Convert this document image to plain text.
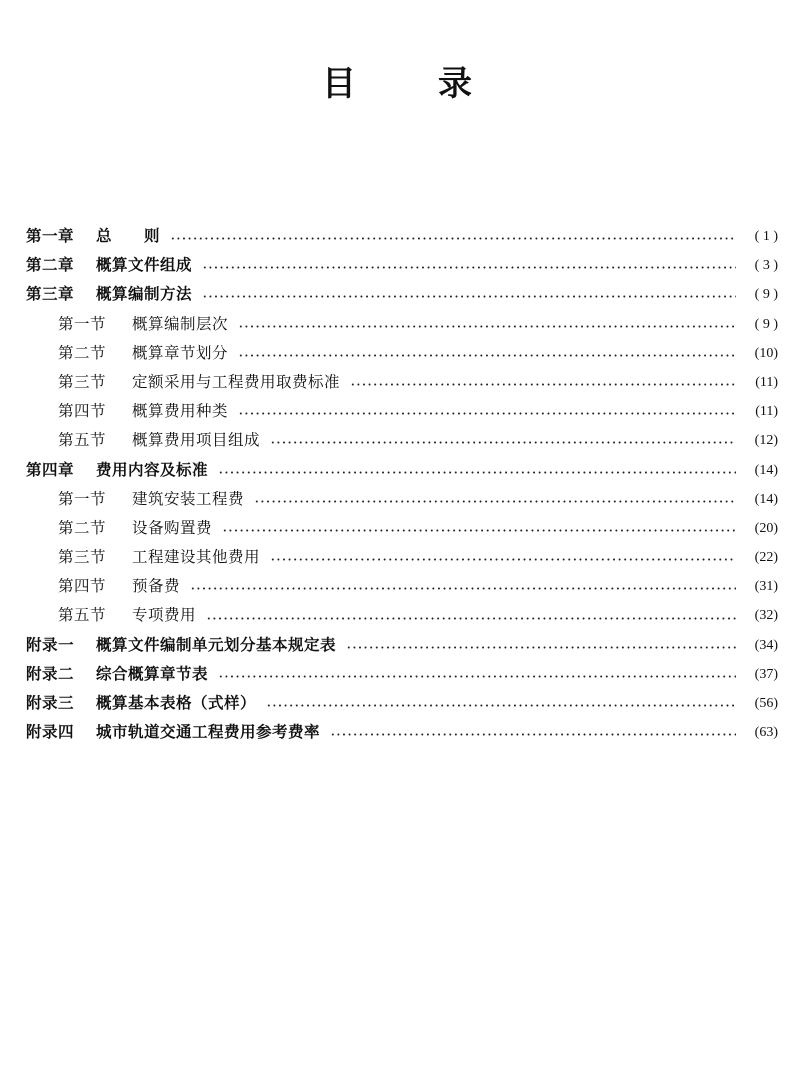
目 录
第一章	总　　则	( 1 )
第二章	概算文件组成	( 3 )
第三章	概算编制方法	( 9 )
第一节	概算编制层次	( 9 )
第二节	概算章节划分	(10)
第三节	定额采用与工程费用取费标准	(11)
第四节	概算费用种类	(11)
第五节	概算费用项目组成	(12)
第四章	费用内容及标准	(14)
第一节	建筑安装工程费	(14)
第二节	设备购置费	(20)
第三节	工程建设其他费用	(22)
第四节	预备费	(31)
第五节	专项费用	(32)
附录一	概算文件编制单元划分基本规定表	(34)
附录二	综合概算章节表	(37)
附录三	概算基本表格（式样）	(56)
附录四	城市轨道交通工程费用参考费率	(63)
